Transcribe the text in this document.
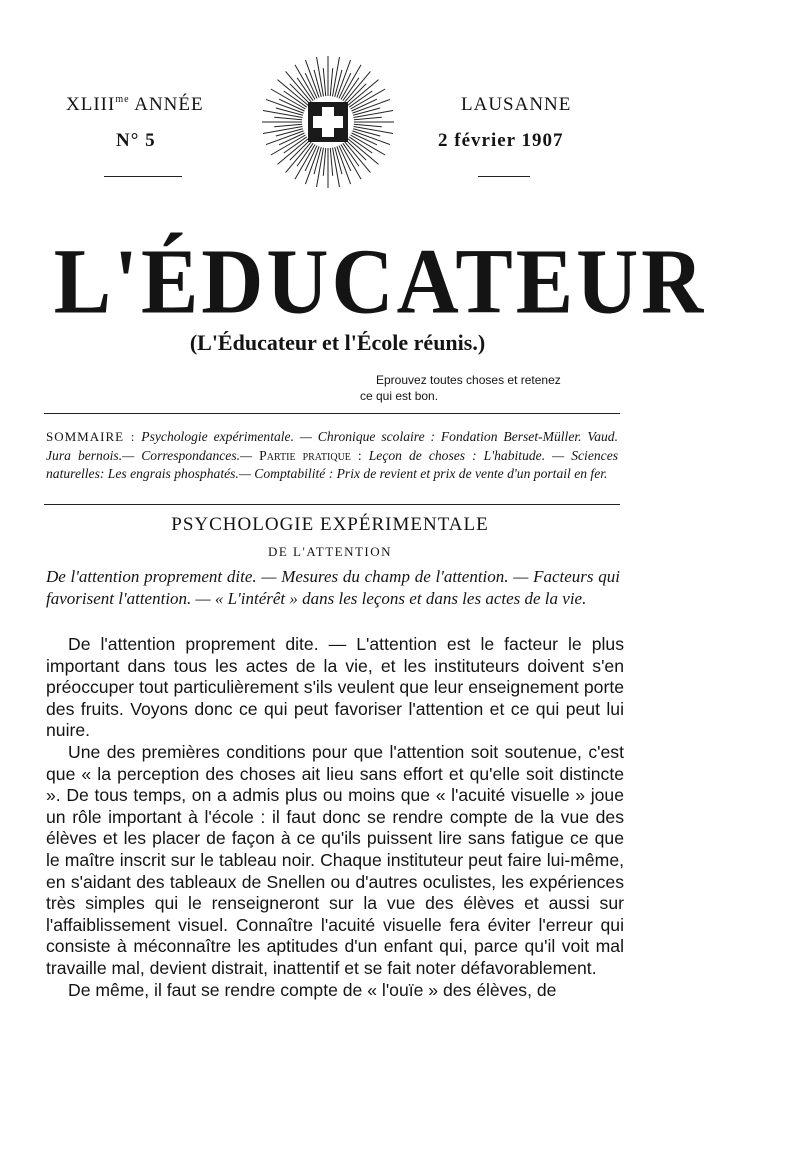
$XLIII^{me}$ ANNÉE
N° 5
LAUSANNE
2 février 1907
L'ÉDUCATEUR
(L'Éducateur et l'École réunis.)
Eprouvez toutes choses et retenez
ce qui est bon.
SOMMAIRE : Psychologie expérimentale. — Chronique scolaire : Fondation Berset-Müller. Vaud. Jura bernois.— Correspondances.— Partie pratique : Leçon de choses : L'habitude. — Sciences naturelles: Les engrais phosphatés.— Comptabilité : Prix de revient et prix de vente d'un portail en fer.
PSYCHOLOGIE EXPÉRIMENTALE
DE L'ATTENTION
De l'attention proprement dite. — Mesures du champ de l'attention. — Facteurs qui favorisent l'attention. — « L'intérêt » dans les leçons et dans les actes de la vie.

De l'attention proprement dite. — L'attention est le facteur le plus important dans tous les actes de la vie, et les instituteurs doivent s'en préoccuper tout particulièrement s'ils veulent que leur enseignement porte des fruits. Voyons donc ce qui peut favoriser l'attention et ce qui peut lui nuire.

Une des premières conditions pour que l'attention soit soutenue, c'est que « la perception des choses ait lieu sans effort et qu'elle soit distincte ». De tous temps, on a admis plus ou moins que « l'acuité visuelle » joue un rôle important à l'école : il faut donc se rendre compte de la vue des élèves et les placer de façon à ce qu'ils puissent lire sans fatigue ce que le maître inscrit sur le tableau noir. Chaque instituteur peut faire lui-même, en s'aidant des tableaux de Snellen ou d'autres oculistes, les expériences très simples qui le renseigneront sur la vue des élèves et aussi sur l'affaiblissement visuel. Connaître l'acuité visuelle fera éviter l'erreur qui consiste à méconnaître les aptitudes d'un enfant qui, parce qu'il voit mal travaille mal, devient distrait, inattentif et se fait noter défavorablement.

De même, il faut se rendre compte de « l'ouïe » des élèves, de
